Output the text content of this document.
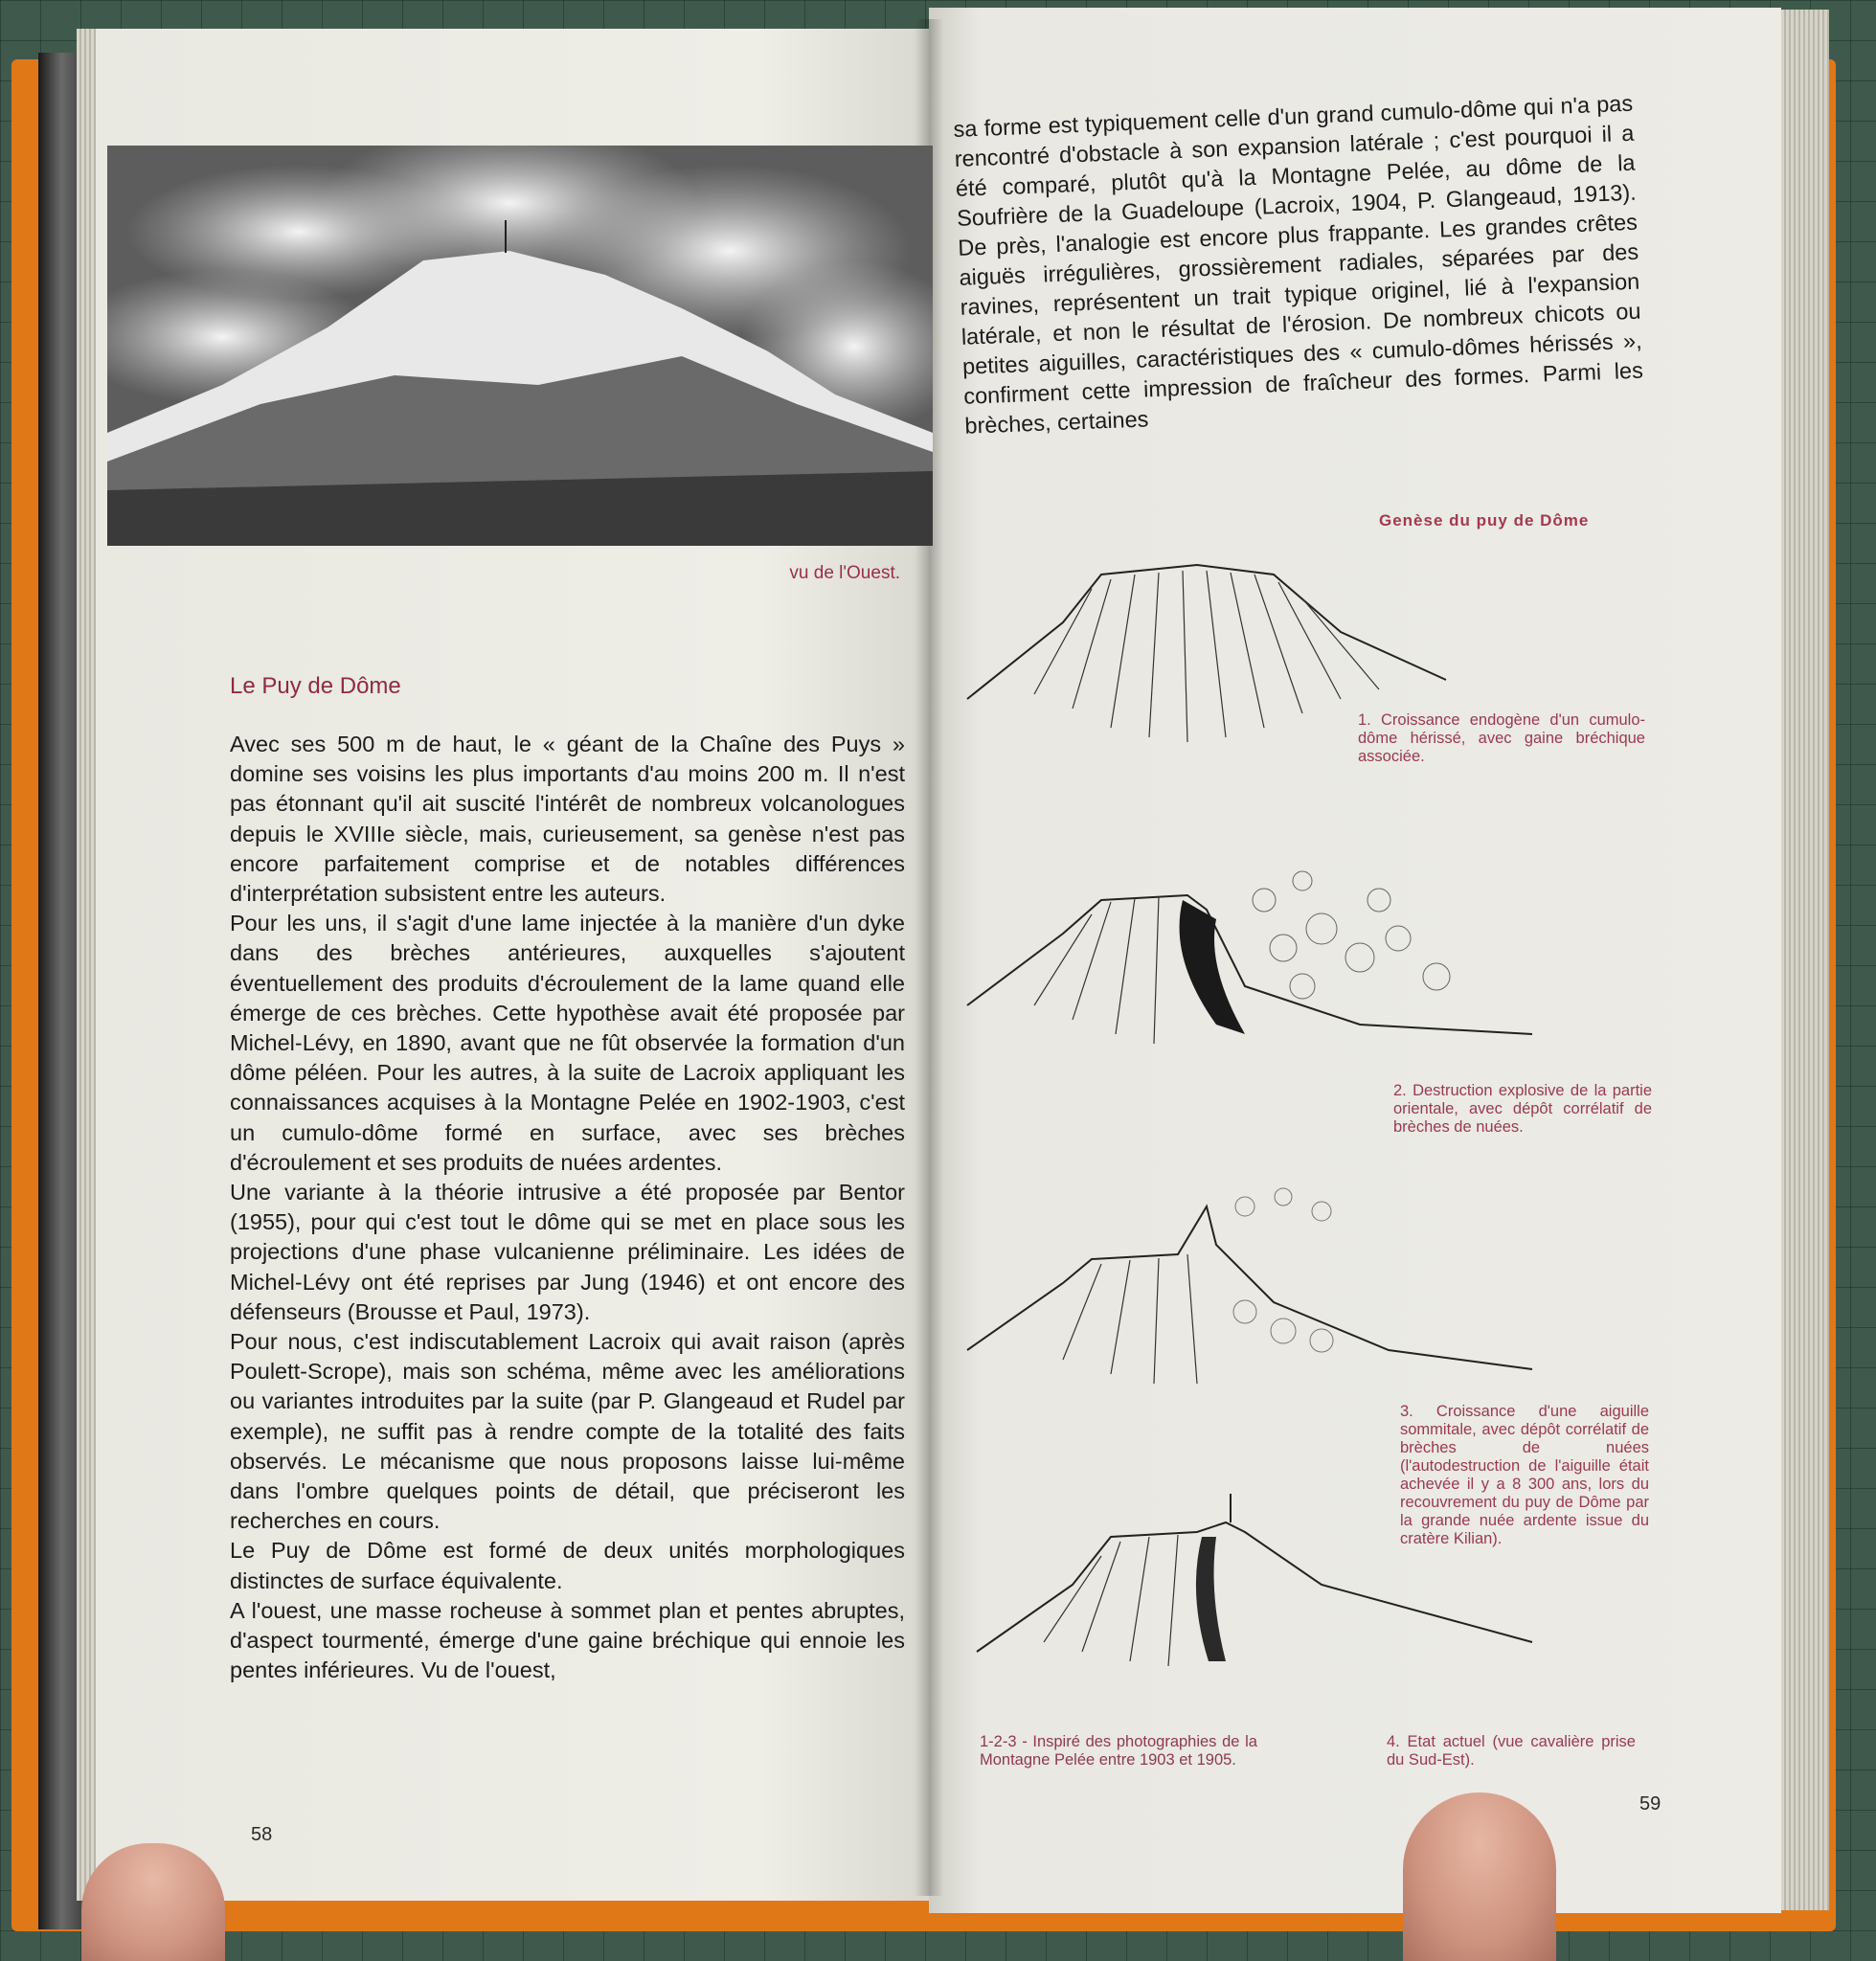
vu de l'Ouest.
Le Puy de Dôme

Avec ses 500 m de haut, le « géant de la Chaîne des Puys » domine ses voisins les plus importants d'au moins 200 m. Il n'est pas étonnant qu'il ait suscité l'intérêt de nombreux volcanologues depuis le XVIIIe siècle, mais, curieusement, sa genèse n'est pas encore parfaitement comprise et de notables différences d'interprétation subsistent entre les auteurs.

Pour les uns, il s'agit d'une lame injectée à la manière d'un dyke dans des brèches antérieures, auxquelles s'ajoutent éventuellement des produits d'écroulement de la lame quand elle émerge de ces brèches. Cette hypothèse avait été proposée par Michel-Lévy, en 1890, avant que ne fût observée la formation d'un dôme péléen. Pour les autres, à la suite de Lacroix appliquant les connaissances acquises à la Montagne Pelée en 1902-1903, c'est un cumulo-dôme formé en surface, avec ses brèches d'écroulement et ses produits de nuées ardentes.

Une variante à la théorie intrusive a été proposée par Bentor (1955), pour qui c'est tout le dôme qui se met en place sous les projections d'une phase vulcanienne préliminaire. Les idées de Michel-Lévy ont été reprises par Jung (1946) et ont encore des défenseurs (Brousse et Paul, 1973).

Pour nous, c'est indiscutablement Lacroix qui avait raison (après Poulett-Scrope), mais son schéma, même avec les améliorations ou variantes introduites par la suite (par P. Glangeaud et Rudel par exemple), ne suffit pas à rendre compte de la totalité des faits observés. Le mécanisme que nous proposons laisse lui-même dans l'ombre quelques points de détail, que préciseront les recherches en cours.

Le Puy de Dôme est formé de deux unités morphologiques distinctes de surface équivalente.

A l'ouest, une masse rocheuse à sommet plan et pentes abruptes, d'aspect tourmenté, émerge d'une gaine bréchique qui ennoie les pentes inférieures. Vu de l'ouest,

58
sa forme est typiquement celle d'un grand cumulo-dôme qui n'a pas rencontré d'obstacle à son expansion latérale ; c'est pourquoi il a été comparé, plutôt qu'à la Montagne Pelée, au dôme de la Soufrière de la Guadeloupe (Lacroix, 1904, P. Glangeaud, 1913). De près, l'analogie est encore plus frappante. Les grandes crêtes aiguës irrégulières, grossièrement radiales, séparées par des ravines, représentent un trait typique originel, lié à l'expansion latérale, et non le résultat de l'érosion. De nombreux chicots ou petites aiguilles, caractéristiques des « cumulo-dômes hérissés », confirment cette impression de fraîcheur des formes. Parmi les brèches, certaines
Genèse du puy de Dôme
1. Croissance endogène d'un cumulo-dôme hérissé, avec gaine bréchique associée.
2. Destruction explosive de la partie orientale, avec dépôt corrélatif de brèches de nuées.
3. Croissance d'une aiguille sommitale, avec dépôt corrélatif de brèches de nuées (l'autodestruction de l'aiguille était achevée il y a 8 300 ans, lors du recouvrement du puy de Dôme par la grande nuée ardente issue du cratère Kilian).
4. Etat actuel (vue cavalière prise du Sud-Est).
1-2-3 - Inspiré des photographies de la Montagne Pelée entre 1903 et 1905.
59
